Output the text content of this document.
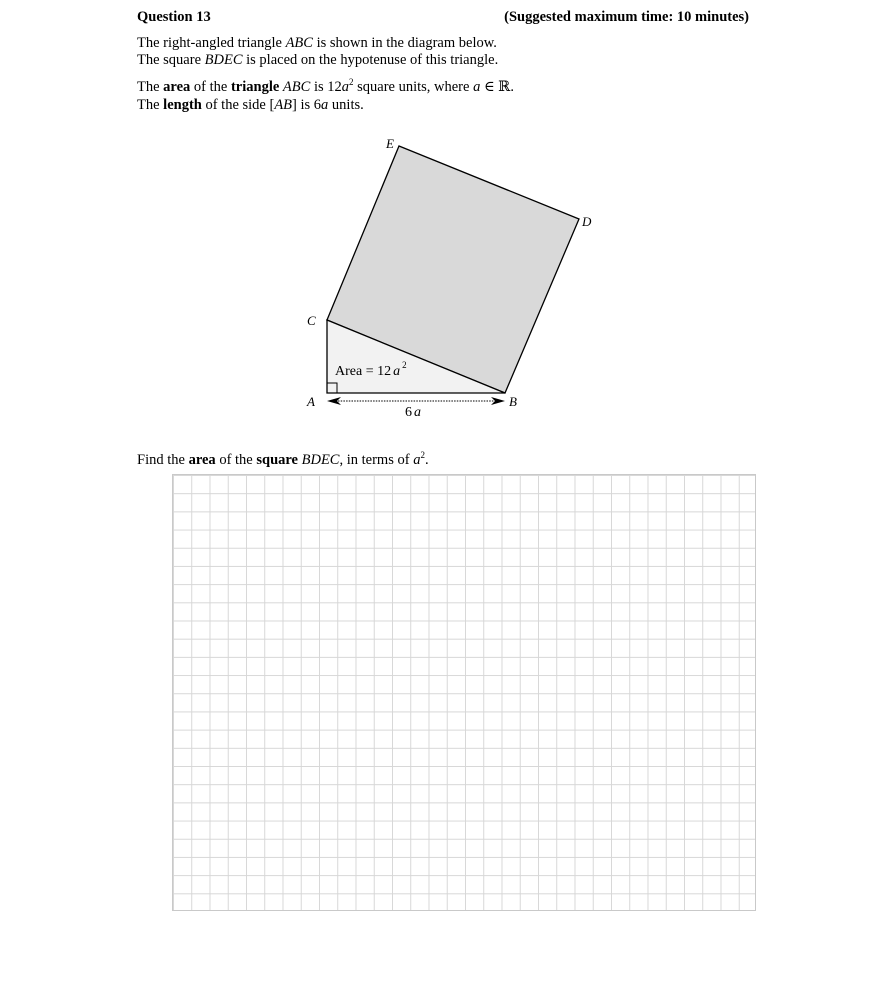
Question 13	(Suggested maximum time: 10 minutes)
The right-angled triangle ABC is shown in the diagram below.
The square BDEC is placed on the hypotenuse of this triangle.
The area of the triangle ABC is $12a^2$ square units, where a ∈ ℝ.
The length of the side [AB] is 6a units.
E
D
C
A	B
Area = 12 a $^2$
6 a
Find the area of the square BDEC, in terms of $a^2$.
